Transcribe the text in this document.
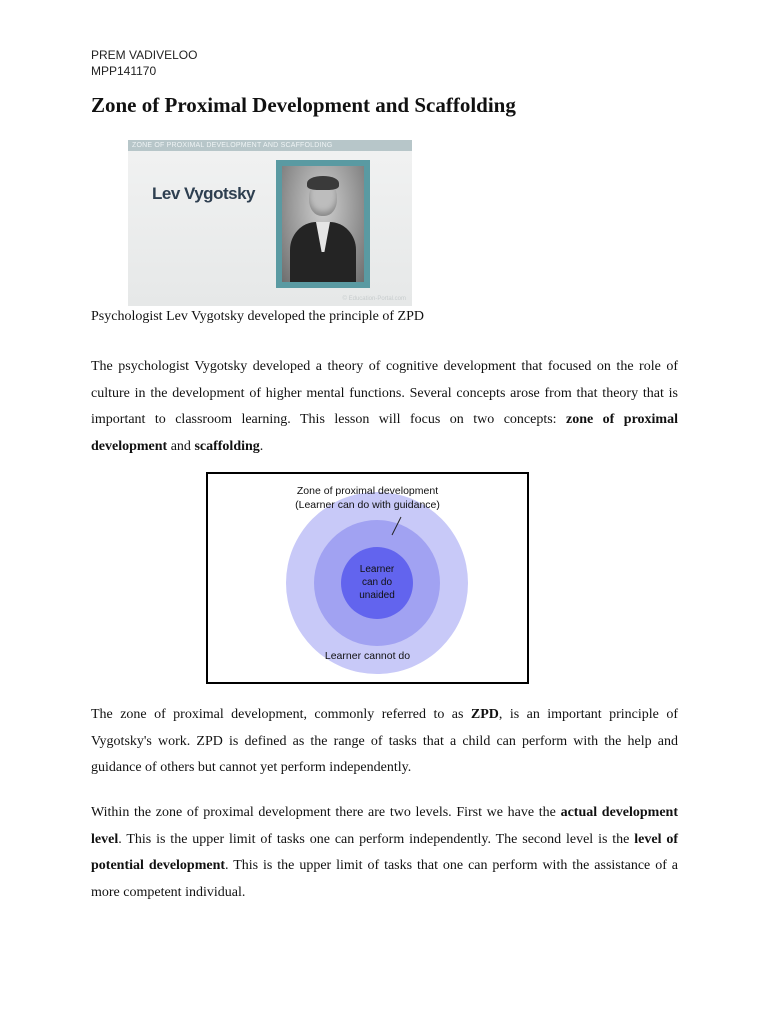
PREM VADIVELOO
MPP141170
Zone of Proximal Development and Scaffolding
ZONE OF PROXIMAL DEVELOPMENT AND SCAFFOLDING
Lev Vygotsky
© Education-Portal.com
Psychologist Lev Vygotsky developed the principle of ZPD

The psychologist Vygotsky developed a theory of cognitive development that focused on the role of culture in the development of higher mental functions. Several concepts arose from that theory that is important to classroom learning. This lesson will focus on two concepts: zone of proximal development and scaffolding.

Zone of proximal development
(Learner can do with guidance)
Learner
can do
unaided
Learner cannot do

The zone of proximal development, commonly referred to as ZPD, is an important principle of Vygotsky's work. ZPD is defined as the range of tasks that a child can perform with the help and guidance of others but cannot yet perform independently.

Within the zone of proximal development there are two levels. First we have the actual development level. This is the upper limit of tasks one can perform independently. The second level is the level of potential development. This is the upper limit of tasks that one can perform with the assistance of a more competent individual.
